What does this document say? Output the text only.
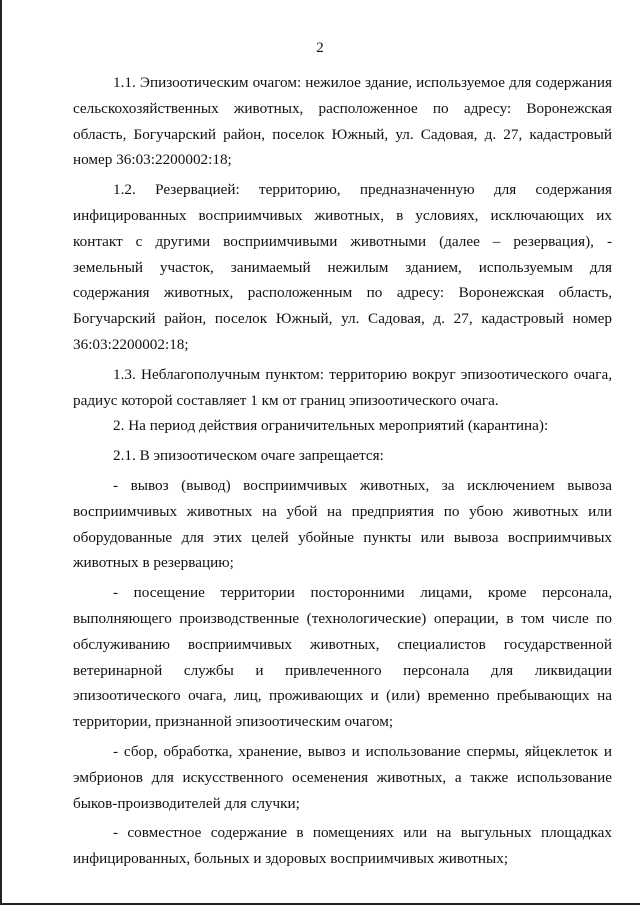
2

1.1. Эпизоотическим очагом: нежилое здание, используемое для содержания сельскохозяйственных животных, расположенное по адресу: Воронежская область, Богучарский район, поселок Южный, ул. Садовая, д. 27, кадастровый номер 36:03:2200002:18;

1.2. Резервацией: территорию, предназначенную для содержания инфицированных восприимчивых животных, в условиях, исключающих их контакт с другими восприимчивыми животными (далее – резервация), - земельный участок, занимаемый нежилым зданием, используемым для содержания животных, расположенным по адресу: Воронежская область, Богучарский район, поселок Южный, ул. Садовая, д. 27, кадастровый номер 36:03:2200002:18;

1.3. Неблагополучным пунктом: территорию вокруг эпизоотического очага, радиус которой составляет 1 км от границ эпизоотического очага.

2. На период действия ограничительных мероприятий (карантина):

2.1. В эпизоотическом очаге запрещается:

- вывоз (вывод) восприимчивых животных, за исключением вывоза восприимчивых животных на убой на предприятия по убою животных или оборудованные для этих целей убойные пункты или вывоза восприимчивых животных в резервацию;

- посещение территории посторонними лицами, кроме персонала, выполняющего производственные (технологические) операции, в том числе по обслуживанию восприимчивых животных, специалистов государственной ветеринарной службы и привлеченного персонала для ликвидации эпизоотического очага, лиц, проживающих и (или) временно пребывающих на территории, признанной эпизоотическим очагом;

- сбор, обработка, хранение, вывоз и использование спермы, яйцеклеток и эмбрионов для искусственного осеменения животных, а также использование быков-производителей для случки;

- совместное содержание в помещениях или на выгульных площадках инфицированных, больных и здоровых восприимчивых животных;
